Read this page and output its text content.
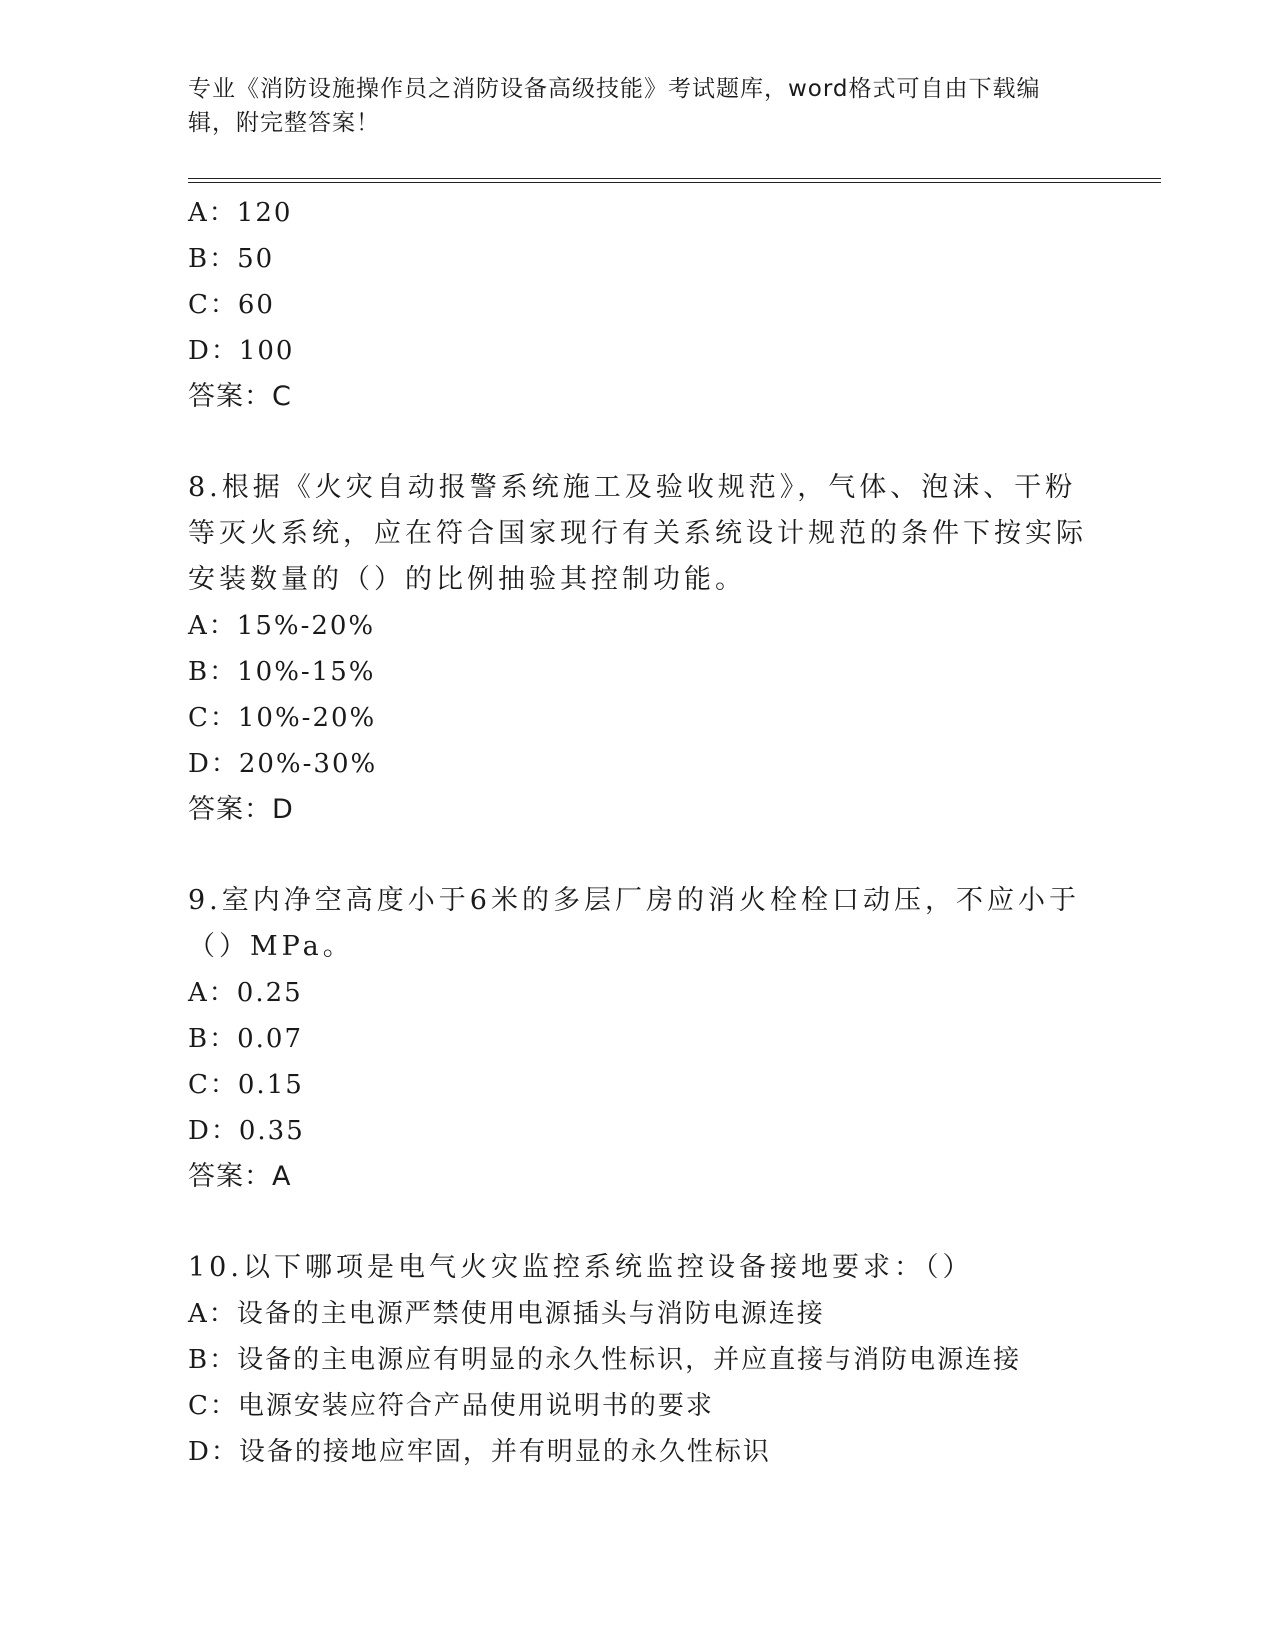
专业《消防设施操作员之消防设备高级技能》考试题库，word格式可自由下载编
辑，附完整答案！
A：120
B：50
C：60
D：100
答案：C
8.根据《火灾自动报警系统施工及验收规范》，气体、泡沫、干粉等灭火系统，应在符合国家现行有关系统设计规范的条件下按实际安装数量的（）的比例抽验其控制功能。
A：15%-20%
B：10%-15%
C：10%-20%
D：20%-30%
答案：D
9.室内净空高度小于6米的多层厂房的消火栓栓口动压，不应小于（）MPa。
A：0.25
B：0.07
C：0.15
D：0.35
答案：A
10.以下哪项是电气火灾监控系统监控设备接地要求：（）
A：设备的主电源严禁使用电源插头与消防电源连接
B：设备的主电源应有明显的永久性标识，并应直接与消防电源连接
C：电源安装应符合产品使用说明书的要求
D：设备的接地应牢固，并有明显的永久性标识
